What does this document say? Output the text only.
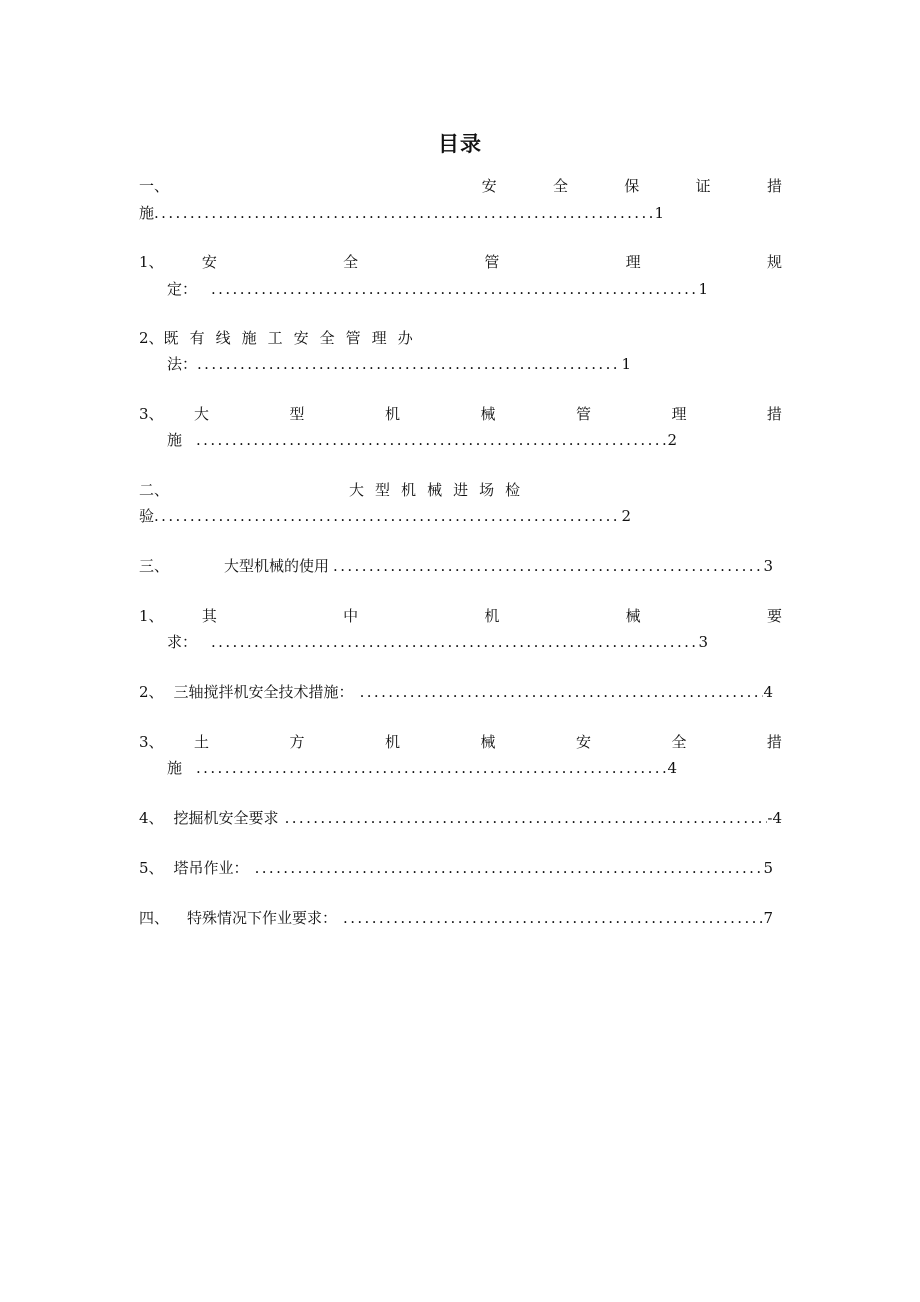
目录
一、	安	全	保	证	措
施 .....	1
1、	安	全	管	理	规
定： .....	1
2、 既 有 线 施 工 安 全 管 理 办
法： .....	1
3、 大	型	机	械	管	理	措
施 .....	2
二、	大 型 机 械 进 场 检
验 .....	2
三、	大型机械的使用 .....	3
1、	其	中	机	械	要
求： .....	3
2、 三轴搅拌机安全技术措施： .....	4
3、 土	方	机	械	安	全	措
施 .....	4
4、 挖掘机安全要求 .....	-4
5、 塔吊作业： .....	5
四、 特殊情况下作业要求： .....	7
